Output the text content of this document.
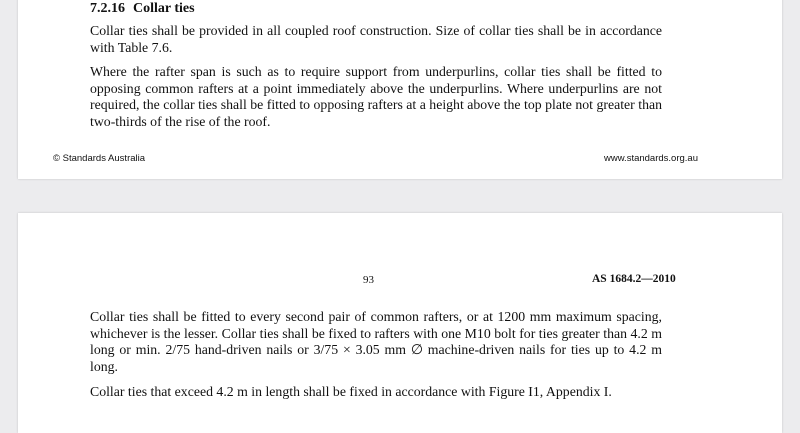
7.2.16 Collar ties

Collar ties shall be provided in all coupled roof construction. Size of collar ties shall be in accordance with Table 7.6.

Where the rafter span is such as to require support from underpurlins, collar ties shall be fitted to opposing common rafters at a point immediately above the underpurlins. Where underpurlins are not required, the collar ties shall be fitted to opposing rafters at a height above the top plate not greater than two-thirds of the rise of the roof.

© Standards Australia	www.standards.org.au
93	AS 1684.2—2010

Collar ties shall be fitted to every second pair of common rafters, or at 1200 mm maximum spacing, whichever is the lesser. Collar ties shall be fixed to rafters with one M10 bolt for ties greater than 4.2 m long or min. 2/75 hand-driven nails or 3/75 × 3.05 mm ∅ machine-driven nails for ties up to 4.2 m long.

Collar ties that exceed 4.2 m in length shall be fixed in accordance with Figure I1, Appendix I.
